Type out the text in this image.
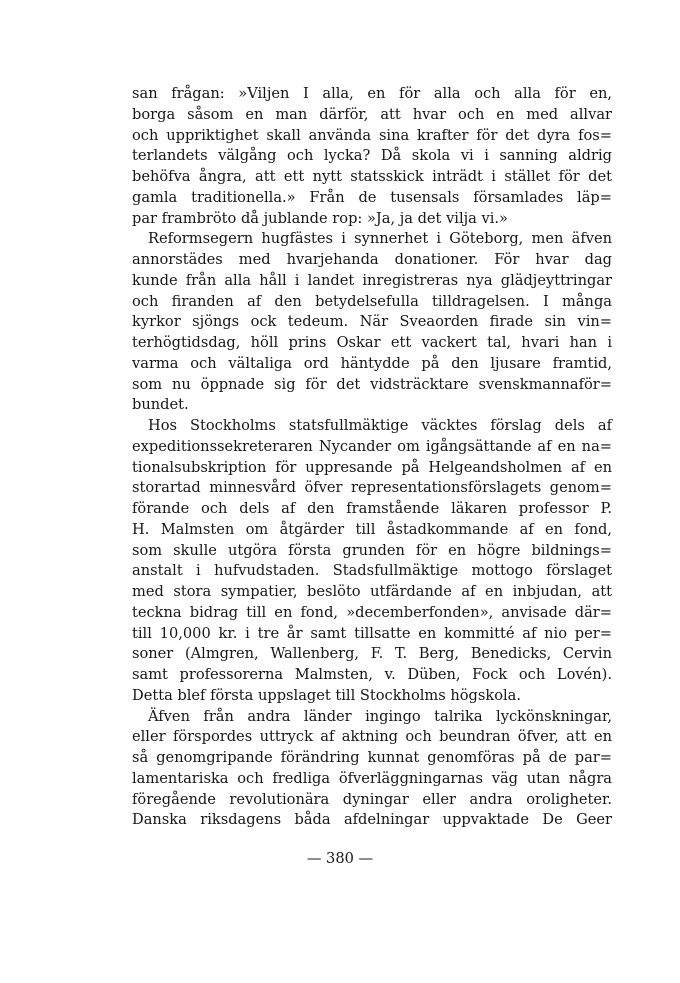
san frågan: »Viljen I alla, en för alla och alla för en,
borga såsom en man därför, att hvar och en med allvar
och uppriktighet skall använda sina krafter för det dyra fos=
terlandets välgång och lycka? Då skola vi i sanning aldrig
behöfva ångra, att ett nytt statsskick inträdt i stället för det
gamla traditionella.» Från de tusensals församlades läp=
par frambröto då jublande rop: »Ja, ja det vilja vi.»
Reformsegern hugfästes i synnerhet i Göteborg, men äfven
annorstädes med hvarjehanda donationer. För hvar dag
kunde från alla håll i landet inregistreras nya glädjeyttringar
och firanden af den betydelsefulla tilldragelsen. I många
kyrkor sjöngs ock tedeum. När Sveaorden firade sin vin=
terhögtidsdag, höll prins Oskar ett vackert tal, hvari han i
varma och vältaliga ord häntydde på den ljusare framtid,
som nu öppnade sig för det vidsträcktare svenskmannaför=
bundet.
Hos Stockholms statsfullmäktige väcktes förslag dels af
expeditionssekreteraren Nycander om igångsättande af en na=
tionalsubskription för uppresande på Helgeandsholmen af en
storartad minnesvård öfver representationsförslagets genom=
förande och dels af den framstående läkaren professor P.
H. Malmsten om åtgärder till åstadkommande af en fond,
som skulle utgöra första grunden för en högre bildnings=
anstalt i hufvudstaden. Stadsfullmäktige mottogo förslaget
med stora sympatier, beslöto utfärdande af en inbjudan, att
teckna bidrag till en fond, »decemberfonden», anvisade där=
till 10,000 kr. i tre år samt tillsatte en kommitté af nio per=
soner (Almgren, Wallenberg, F. T. Berg, Benedicks, Cervin
samt professorerna Malmsten, v. Düben, Fock och Lovén).
Detta blef första uppslaget till Stockholms högskola.
Äfven från andra länder ingingo talrika lyckönskningar,
eller förspordes uttryck af aktning och beundran öfver, att en
så genomgripande förändring kunnat genomföras på de par=
lamentariska och fredliga öfverläggningarnas väg utan några
föregående revolutionära dyningar eller andra oroligheter.
Danska riksdagens båda afdelningar uppvaktade De Geer
— 380 —
